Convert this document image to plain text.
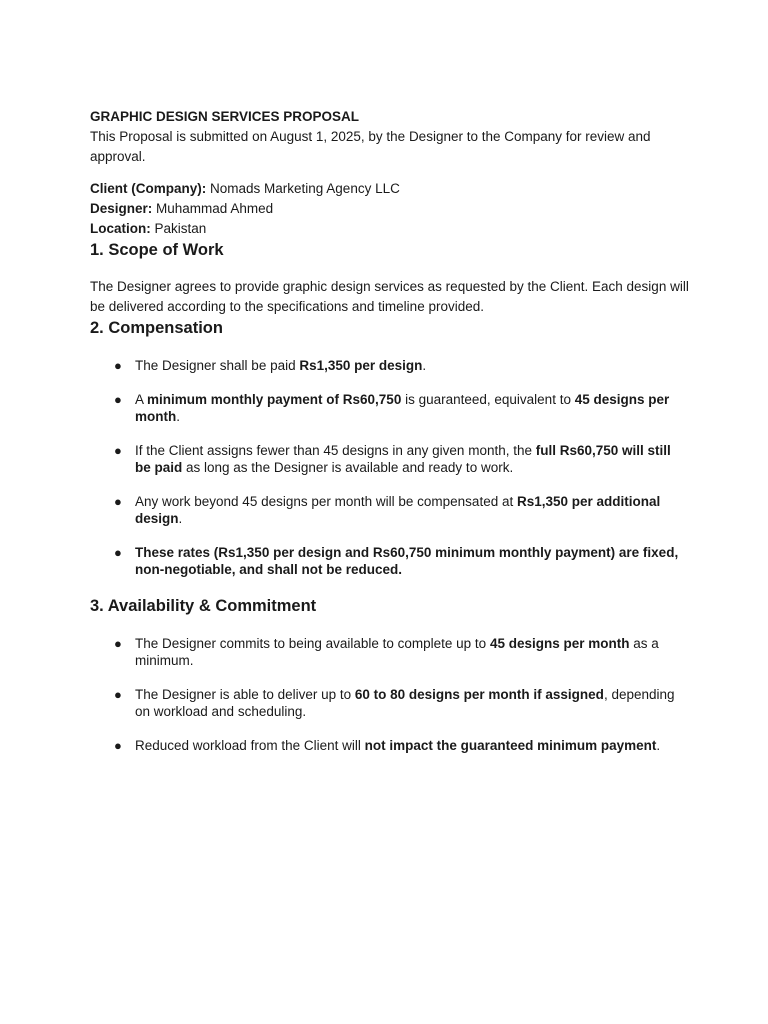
GRAPHIC DESIGN SERVICES PROPOSAL

This Proposal is submitted on August 1, 2025, by the Designer to the Company for review and approval.

Client (Company): Nomads Marketing Agency LLC
Designer: Muhammad Ahmed
Location: Pakistan
1. Scope of Work

The Designer agrees to provide graphic design services as requested by the Client. Each design will be delivered according to the specifications and timeline provided.

2. Compensation
● The Designer shall be paid Rs1,350 per design.
● A minimum monthly payment of Rs60,750 is guaranteed, equivalent to 45 designs per month.
● If the Client assigns fewer than 45 designs in any given month, the full Rs60,750 will still be paid as long as the Designer is available and ready to work.
● Any work beyond 45 designs per month will be compensated at Rs1,350 per additional design.
● These rates (Rs1,350 per design and Rs60,750 minimum monthly payment) are fixed, non-negotiable, and shall not be reduced.
3. Availability & Commitment
● The Designer commits to being available to complete up to 45 designs per month as a minimum.
● The Designer is able to deliver up to 60 to 80 designs per month if assigned, depending on workload and scheduling.
● Reduced workload from the Client will not impact the guaranteed minimum payment.
